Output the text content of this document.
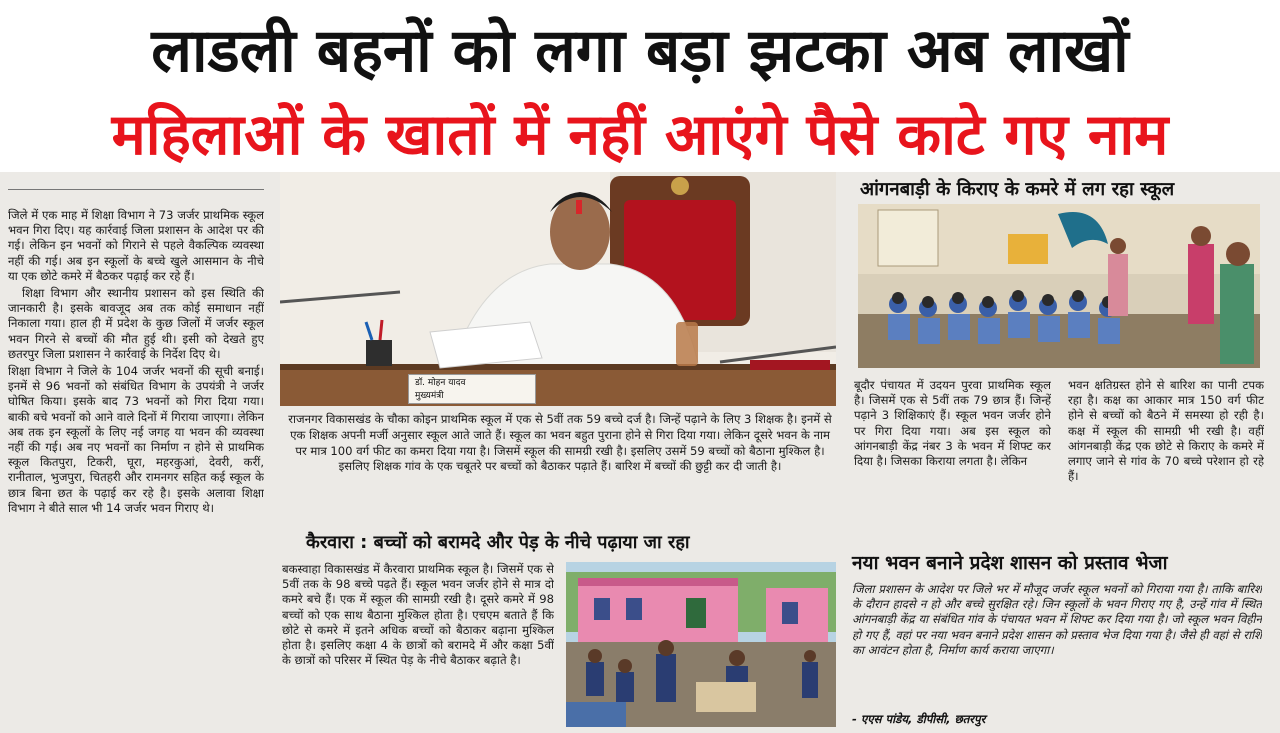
लाडली बहनों को लगा बड़ा झटका अब लाखों
महिलाओं के खातों में नहीं आएंगे पैसे काटे गए नाम

जिले में एक माह में शिक्षा विभाग ने 73 जर्जर प्राथमिक स्कूल भवन गिरा दिए। यह कार्रवाई जिला प्रशासन के आदेश पर की गई। लेकिन इन भवनों को गिराने से पहले वैकल्पिक व्यवस्था नहीं की गई। अब इन स्कूलों के बच्चे खुले आसमान के नीचे या एक छोटे कमरे में बैठकर पढ़ाई कर रहे हैं।

शिक्षा विभाग और स्थानीय प्रशासन को इस स्थिति की जानकारी है। इसके बावजूद अब तक कोई समाधान नहीं निकाला गया। हाल ही में प्रदेश के कुछ जिलों में जर्जर स्कूल भवन गिरने से बच्चों की मौत हुई थी। इसी को देखते हुए छतरपुर जिला प्रशासन ने कार्रवाई के निर्देश दिए थे।

शिक्षा विभाग ने जिले के 104 जर्जर भवनों की सूची बनाई। इनमें से 96 भवनों को संबंधित विभाग के उपयंत्री ने जर्जर घोषित किया। इसके बाद 73 भवनों को गिरा दिया गया। बाकी बचे भवनों को आने वाले दिनों में गिराया जाएगा। लेकिन अब तक इन स्कूलों के लिए नई जगह या भवन की व्यवस्था नहीं की गई। अब नए भवनों का निर्माण न होने से प्राथमिक स्कूल कितपुरा, टिकरी, घूरा, महरकुआं, देवरी, करीं, रानीताल, भुजपुरा, चितहरी और रामनगर सहित कई स्कूल के छात्र बिना छत के पढ़ाई कर रहे है। इसके अलावा शिक्षा विभाग ने बीते साल भी 14 जर्जर भवन गिराए थे।

डॉ. मोहन यादव
मुख्यमंत्री
राजनगर विकासखंड के चौका कोइन प्राथमिक स्कूल में एक से 5वीं तक 59 बच्चे दर्ज है। जिन्हें पढ़ाने के लिए 3 शिक्षक है। इनमें से एक शिक्षक अपनी मर्जी अनुसार स्कूल आते जाते हैं। स्कूल का भवन बहुत पुराना होने से गिरा दिया गया। लेकिन दूसरे भवन के नाम पर मात्र 100 वर्ग फीट का कमरा दिया गया है। जिसमें स्कूल की सामग्री रखी है। इसलिए उसमें 59 बच्चों को बैठाना मुश्किल है। इसलिए शिक्षक गांव के एक चबूतरे पर बच्चों को बैठाकर पढ़ाते हैं। बारिश में बच्चों की छुट्टी कर दी जाती है।
आंगनबाड़ी के किराए के कमरे में लग रहा स्कूल
बूदौर पंचायत में उदयन पुरवा प्राथमिक स्कूल है। जिसमें एक से 5वीं तक 79 छात्र हैं। जिन्हें पढ़ाने 3 शिक्षिकाएं हैं। स्कूल भवन जर्जर होने पर गिरा दिया गया। अब इस स्कूल को आंगनबाड़ी केंद्र नंबर 3 के भवन में शिफ्ट कर दिया है। जिसका किराया लगता है। लेकिन
भवन क्षतिग्रस्त होने से बारिश का पानी टपक रहा है। कक्ष का आकार मात्र 150 वर्ग फीट होने से बच्चों को बैठने में समस्या हो रही है। कक्ष में स्कूल की सामग्री भी रखी है। वहीं आंगनबाड़ी केंद्र एक छोटे से किराए के कमरे में लगाए जाने से गांव के 70 बच्चे परेशान हो रहे हैं।
कैरवारा : बच्चों को बरामदे और पेड़ के नीचे पढ़ाया जा रहा
बकस्वाहा विकासखंड में कैरवारा प्राथमिक स्कूल है। जिसमें एक से 5वीं तक के 98 बच्चे पढ़ते हैं। स्कूल भवन जर्जर होने से मात्र दो कमरे बचे हैं। एक में स्कूल की सामग्री रखी है। दूसरे कमरे में 98 बच्चों को एक साथ बैठाना मुश्किल होता है। एचएम बताते हैं कि छोटे से कमरे में इतने अधिक बच्चों को बैठाकर बढ़ाना मुश्किल होता है। इसलिए कक्षा 4 के छात्रों को बरामदे में और कक्षा 5वीं के छात्रों को परिसर में स्थित पेड़ के नीचे बैठाकर बढ़ाते है।
नया भवन बनाने प्रदेश शासन को प्रस्ताव भेजा
जिला प्रशासन के आदेश पर जिले भर में मौजूद जर्जर स्कूल भवनों को गिराया गया है। ताकि बारिश के दौरान हादसे न हो और बच्चे सुरक्षित रहे। जिन स्कूलों के भवन गिराए गए है, उन्हें गांव में स्थित आंगनबाड़ी केंद्र या संबंधित गांव के पंचायत भवन में शिफ्ट कर दिया गया है। जो स्कूल भवन विहीन हो गए हैं, वहां पर नया भवन बनाने प्रदेश शासन को प्रस्ताव भेज दिया गया है। जैसे ही वहां से राशि का आवंटन होता है, निर्माण कार्य कराया जाएगा।
- एएस पांडेय, डीपीसी, छतरपुर
